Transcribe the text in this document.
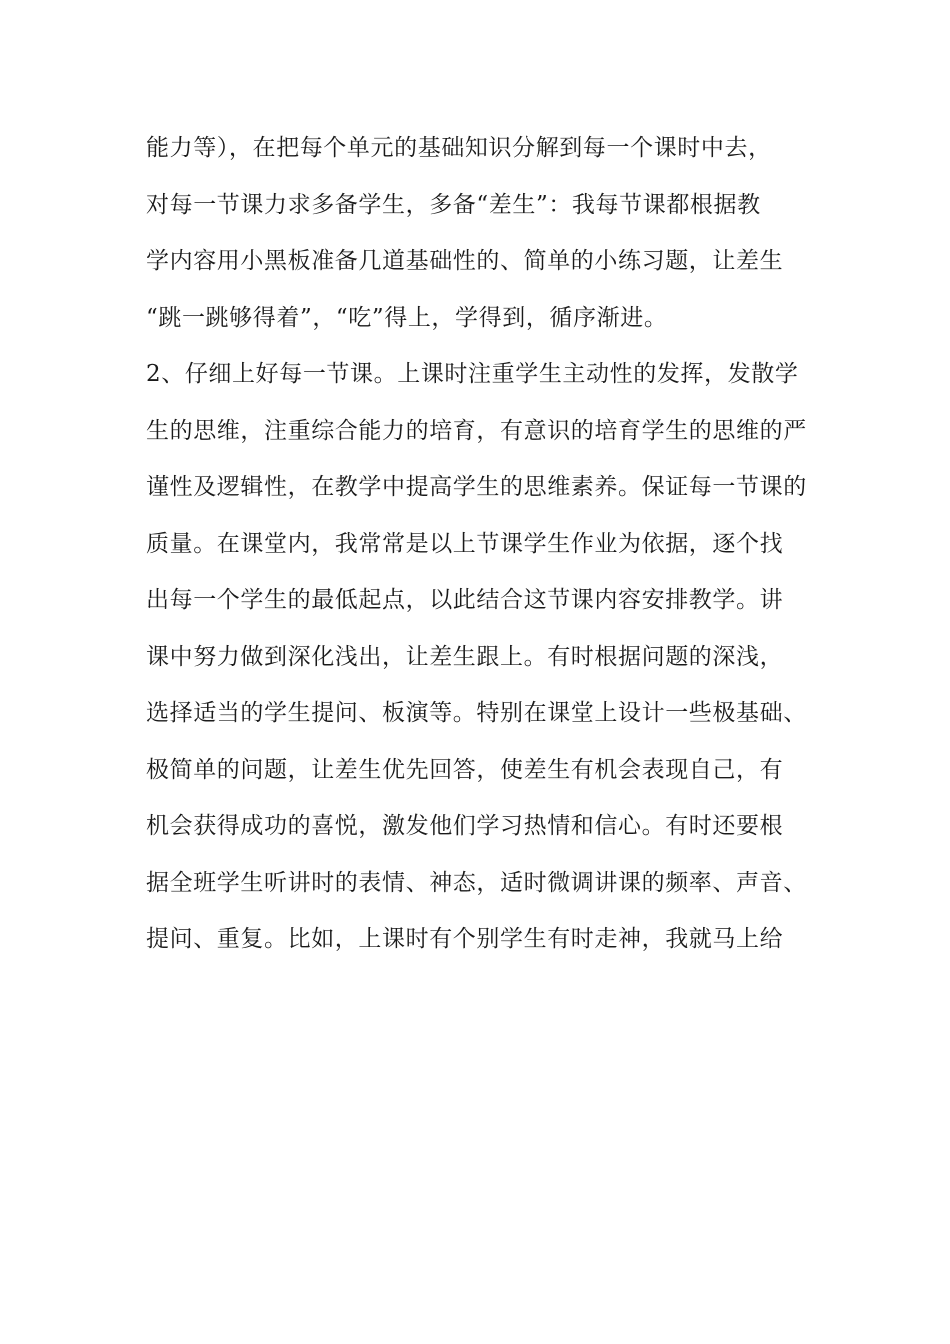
能力等），在把每个单元的基础知识分解到每一个课时中去，
对每一节课力求多备学生，多备“差生”：我每节课都根据教
学内容用小黑板准备几道基础性的、简单的小练习题，让差生
“跳一跳够得着”，“吃”得上，学得到，循序渐进。
2、仔细上好每一节课。上课时注重学生主动性的发挥，发散学
生的思维，注重综合能力的培育，有意识的培育学生的思维的严
谨性及逻辑性，在教学中提高学生的思维素养。保证每一节课的
质量。在课堂内，我常常是以上节课学生作业为依据，逐个找
出每一个学生的最低起点，以此结合这节课内容安排教学。讲
课中努力做到深化浅出，让差生跟上。有时根据问题的深浅，
选择适当的学生提问、板演等。特别在课堂上设计一些极基础、
极简单的问题，让差生优先回答，使差生有机会表现自己，有
机会获得成功的喜悦，激发他们学习热情和信心。有时还要根
据全班学生听讲时的表情、神态，适时微调讲课的频率、声音、
提问、重复。比如，上课时有个别学生有时走神，我就马上给
